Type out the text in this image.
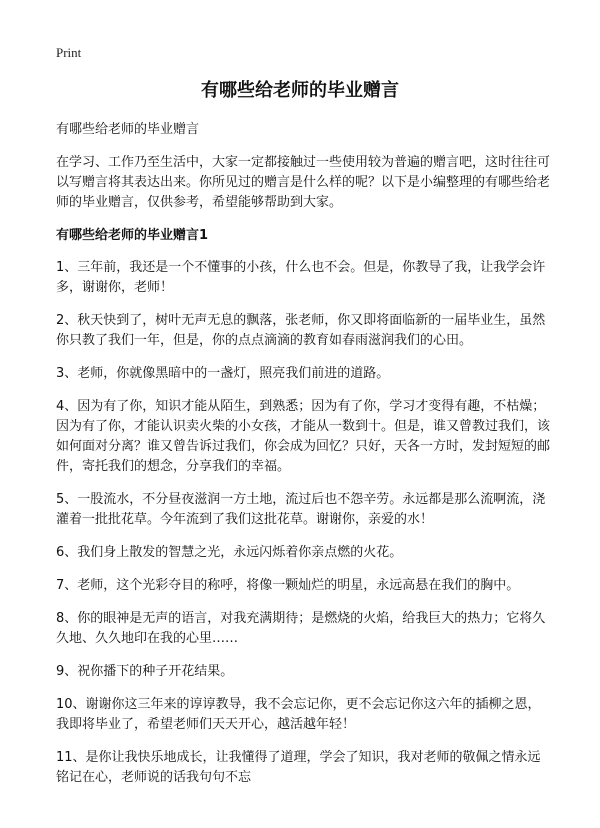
Print
有哪些给老师的毕业赠言

有哪些给老师的毕业赠言

在学习、工作乃至生活中，大家一定都接触过一些使用较为普遍的赠言吧，这时往往可以写赠言将其表达出来。你所见过的赠言是什么样的呢？以下是小编整理的有哪些给老师的毕业赠言，仅供参考，希望能够帮助到大家。

有哪些给老师的毕业赠言1

1、三年前，我还是一个不懂事的小孩，什么也不会。但是，你教导了我，让我学会许多，谢谢你，老师！

2、秋天快到了，树叶无声无息的飘落，张老师，你又即将面临新的一届毕业生，虽然你只教了我们一年，但是，你的点点滴滴的教育如春雨滋润我们的心田。

3、老师，你就像黑暗中的一盏灯，照亮我们前进的道路。

4、因为有了你，知识才能从陌生，到熟悉；因为有了你，学习才变得有趣，不枯燥；因为有了你，才能认识卖火柴的小女孩，才能从一数到十。但是，谁又曾教过我们，该如何面对分离？谁又曾告诉过我们，你会成为回忆？只好，天各一方时，发封短短的邮件，寄托我们的想念，分享我们的幸福。

5、一股流水，不分昼夜滋润一方土地，流过后也不怨辛劳。永远都是那么流啊流，浇灌着一批批花草。今年流到了我们这批花草。谢谢你，亲爱的水！

6、我们身上散发的智慧之光，永远闪烁着你亲点燃的火花。

7、老师，这个光彩夺目的称呼，将像一颗灿烂的明星，永远高悬在我们的胸中。

8、你的眼神是无声的语言，对我充满期待；是燃烧的火焰，给我巨大的热力；它将久久地、久久地印在我的心里……

9、祝你播下的种子开花结果。

10、谢谢你这三年来的谆谆教导，我不会忘记你，更不会忘记你这六年的插柳之恩，我即将毕业了，希望老师们天天开心，越活越年轻！

11、是你让我快乐地成长，让我懂得了道理，学会了知识，我对老师的敬佩之情永远铭记在心，老师说的话我句句不忘
